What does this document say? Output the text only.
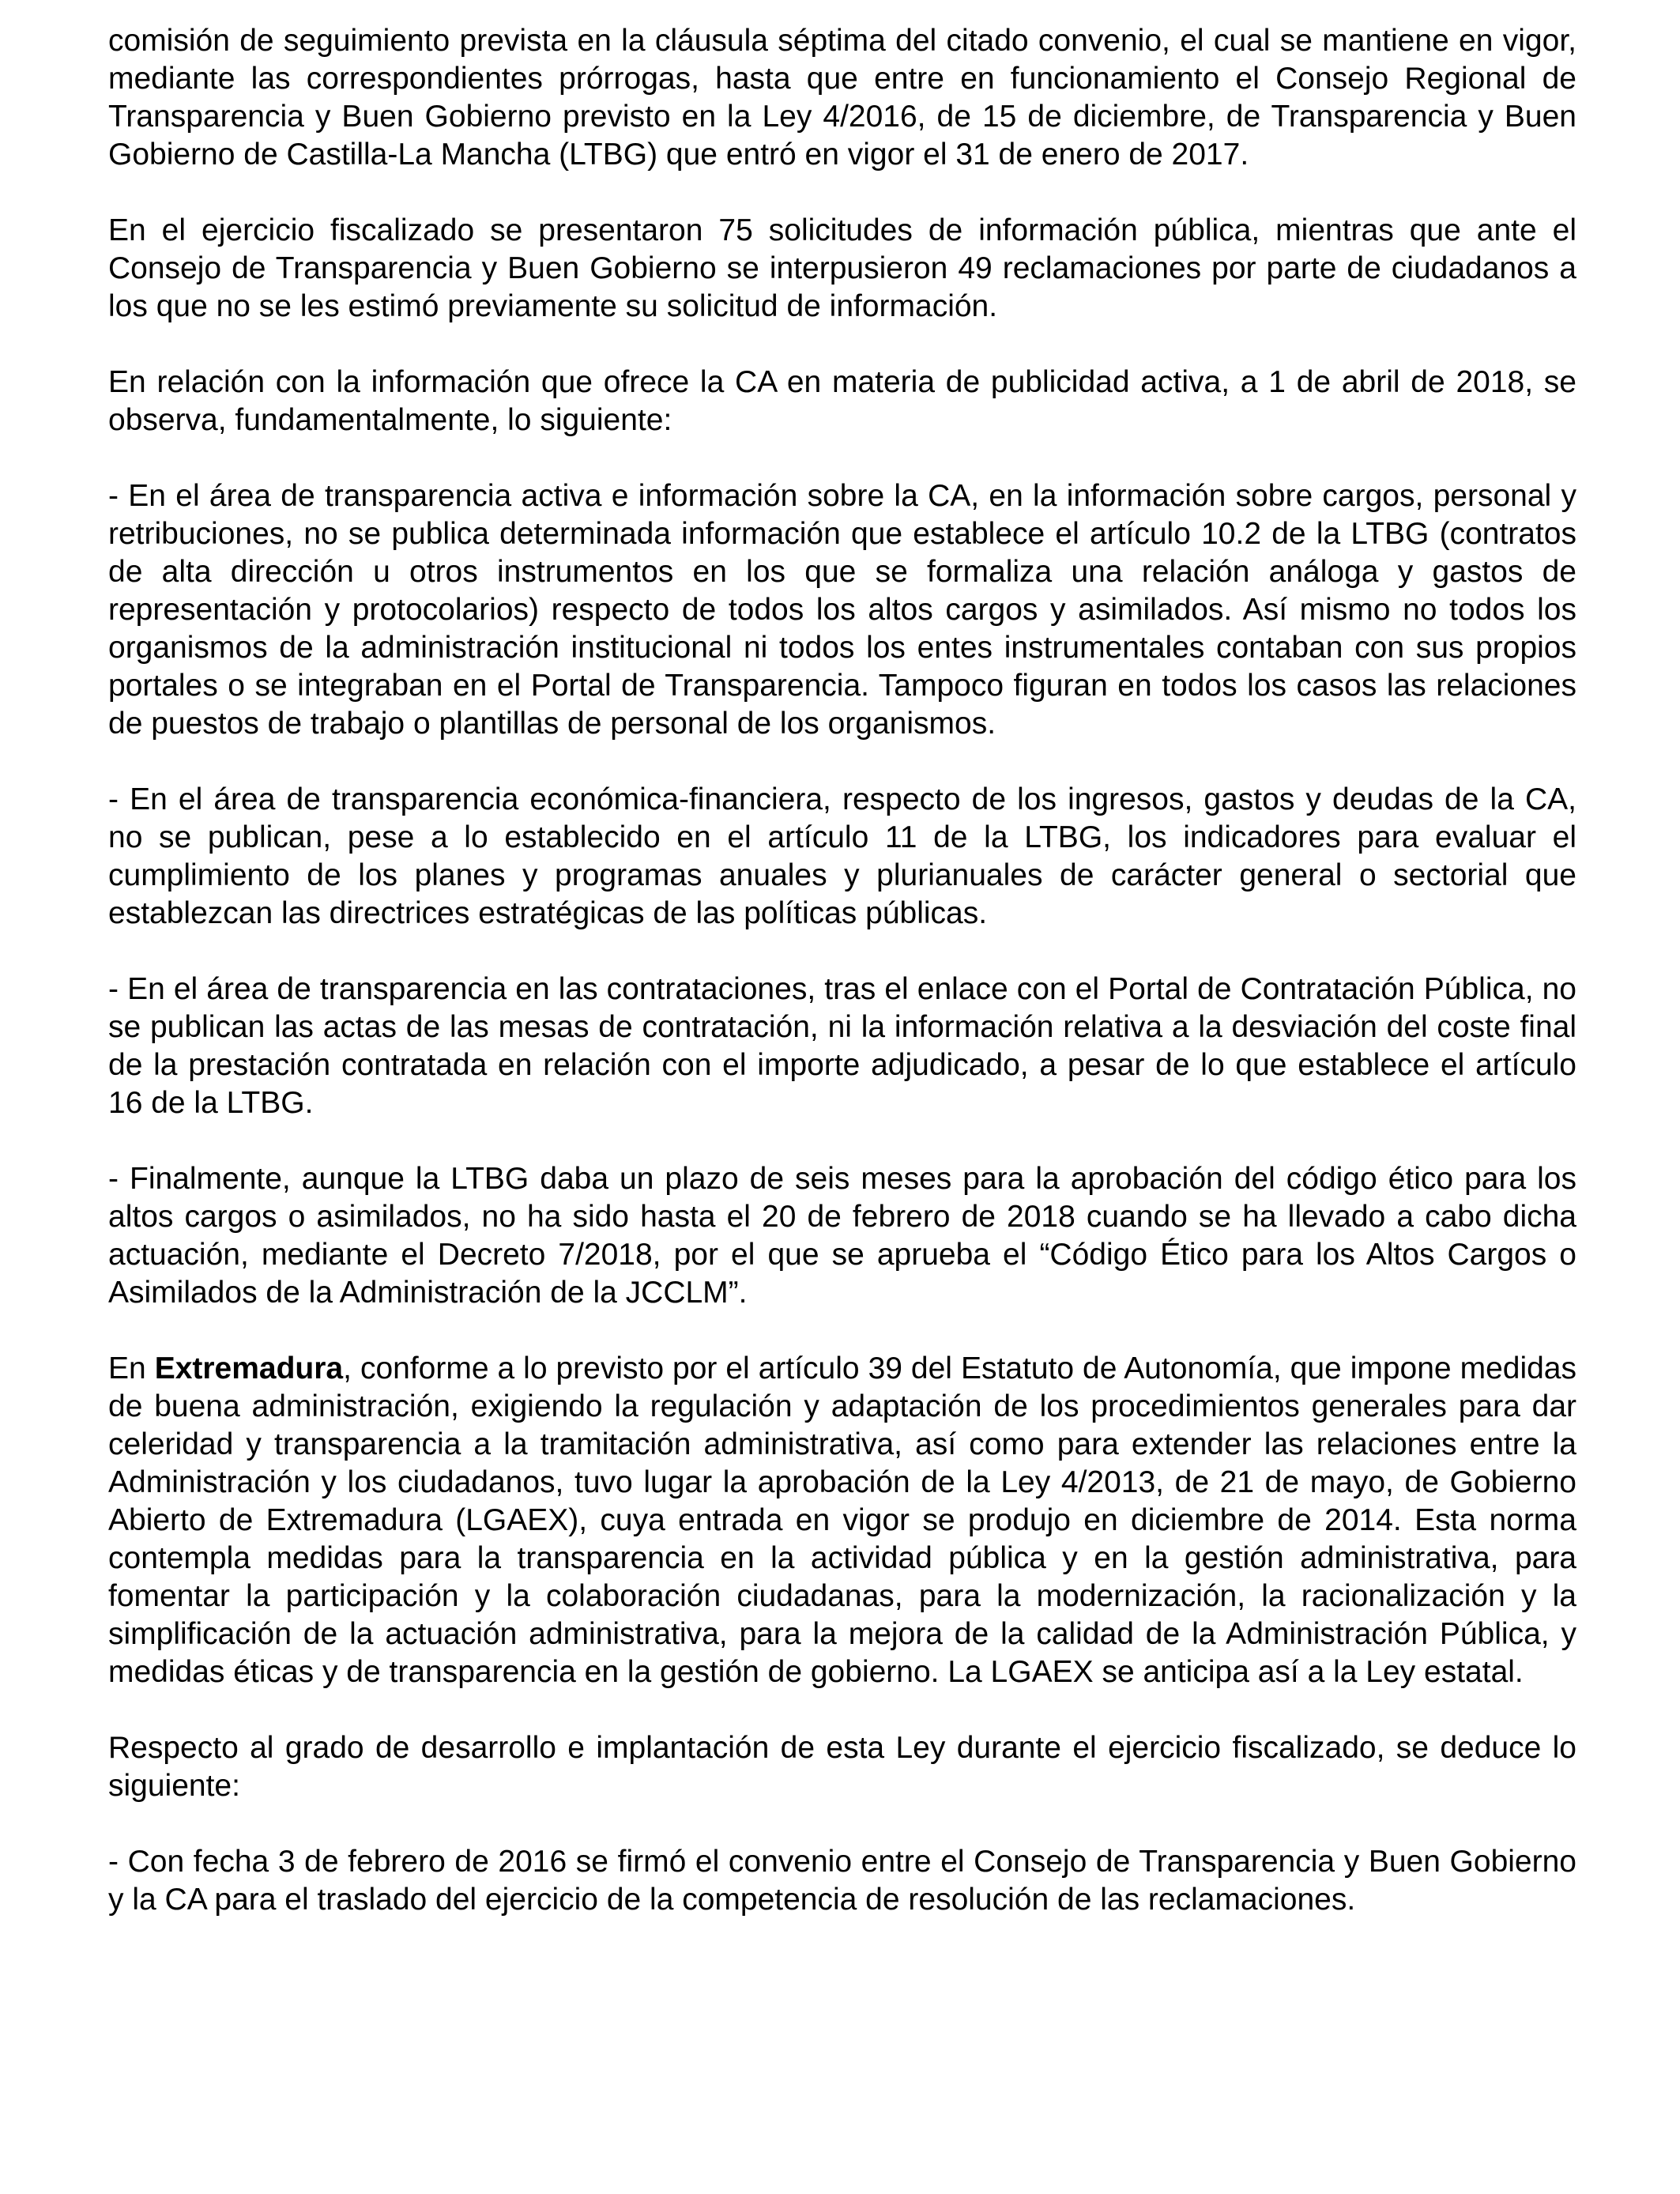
comisión de seguimiento prevista en la cláusula séptima del citado convenio, el cual se mantiene en vigor, mediante las correspondientes prórrogas, hasta que entre en funcionamiento el Consejo Regional de Transparencia y Buen Gobierno previsto en la Ley 4/2016, de 15 de diciembre, de Transparencia y Buen Gobierno de Castilla-La Mancha (LTBG) que entró en vigor el 31 de enero de 2017.

En el ejercicio fiscalizado se presentaron 75 solicitudes de información pública, mientras que ante el Consejo de Transparencia y Buen Gobierno se interpusieron 49 reclamaciones por parte de ciudadanos a los que no se les estimó previamente su solicitud de información.

En relación con la información que ofrece la CA en materia de publicidad activa, a 1 de abril de 2018, se observa, fundamentalmente, lo siguiente:

- En el área de transparencia activa e información sobre la CA, en la información sobre cargos, personal y retribuciones, no se publica determinada información que establece el artículo 10.2 de la LTBG (contratos de alta dirección u otros instrumentos en los que se formaliza una relación análoga y gastos de representación y protocolarios) respecto de todos los altos cargos y asimilados. Así mismo no todos los organismos de la administración institucional ni todos los entes instrumentales contaban con sus propios portales o se integraban en el Portal de Transparencia. Tampoco figuran en todos los casos las relaciones de puestos de trabajo o plantillas de personal de los organismos.

- En el área de transparencia económica-financiera, respecto de los ingresos, gastos y deudas de la CA, no se publican, pese a lo establecido en el artículo 11 de la LTBG, los indicadores para evaluar el cumplimiento de los planes y programas anuales y plurianuales de carácter general o sectorial que establezcan las directrices estratégicas de las políticas públicas.

- En el área de transparencia en las contrataciones, tras el enlace con el Portal de Contratación Pública, no se publican las actas de las mesas de contratación, ni la información relativa a la desviación del coste final de la prestación contratada en relación con el importe adjudicado, a pesar de lo que establece el artículo 16 de la LTBG.

- Finalmente, aunque la LTBG daba un plazo de seis meses para la aprobación del código ético para los altos cargos o asimilados, no ha sido hasta el 20 de febrero de 2018 cuando se ha llevado a cabo dicha actuación, mediante el Decreto 7/2018, por el que se aprueba el “Código Ético para los Altos Cargos o Asimilados de la Administración de la JCCLM”.

En Extremadura, conforme a lo previsto por el artículo 39 del Estatuto de Autonomía, que impone medidas de buena administración, exigiendo la regulación y adaptación de los procedimientos generales para dar celeridad y transparencia a la tramitación administrativa, así como para extender las relaciones entre la Administración y los ciudadanos, tuvo lugar la aprobación de la Ley 4/2013, de 21 de mayo, de Gobierno Abierto de Extremadura (LGAEX), cuya entrada en vigor se produjo en diciembre de 2014. Esta norma contempla medidas para la transparencia en la actividad pública y en la gestión administrativa, para fomentar la participación y la colaboración ciudadanas, para la modernización, la racionalización y la simplificación de la actuación administrativa, para la mejora de la calidad de la Administración Pública, y medidas éticas y de transparencia en la gestión de gobierno. La LGAEX se anticipa así a la Ley estatal.

Respecto al grado de desarrollo e implantación de esta Ley durante el ejercicio fiscalizado, se deduce lo siguiente:

- Con fecha 3 de febrero de 2016 se firmó el convenio entre el Consejo de Transparencia y Buen Gobierno y la CA para el traslado del ejercicio de la competencia de resolución de las reclamaciones.
